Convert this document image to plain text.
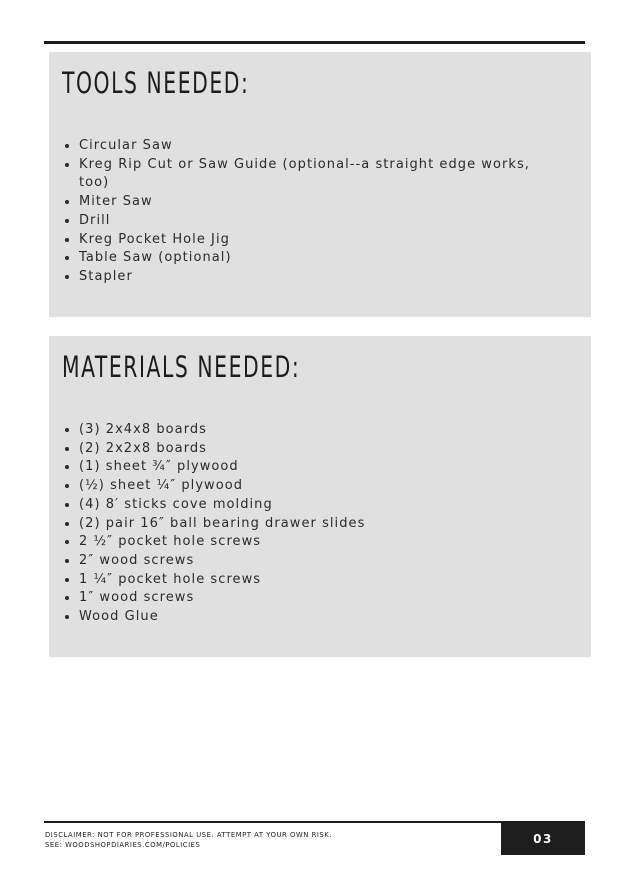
TOOLS NEEDED:
Circular Saw
Kreg Rip Cut or Saw Guide (optional--a straight edge works, too)
Miter Saw
Drill
Kreg Pocket Hole Jig
Table Saw (optional)
Stapler
MATERIALS NEEDED:
(3) 2x4x8 boards
(2) 2x2x8 boards
(1) sheet ¾″ plywood
(½) sheet ¼″ plywood
(4) 8′ sticks cove molding
(2) pair 16″ ball bearing drawer slides
2 ½″ pocket hole screws
2″ wood screws
1 ¼″ pocket hole screws
1″ wood screws
Wood Glue
DISCLAIMER: NOT FOR PROFESSIONAL USE. ATTEMPT AT YOUR OWN RISK.
SEE: WOODSHOPDIARIES.COM/POLICIES	03
